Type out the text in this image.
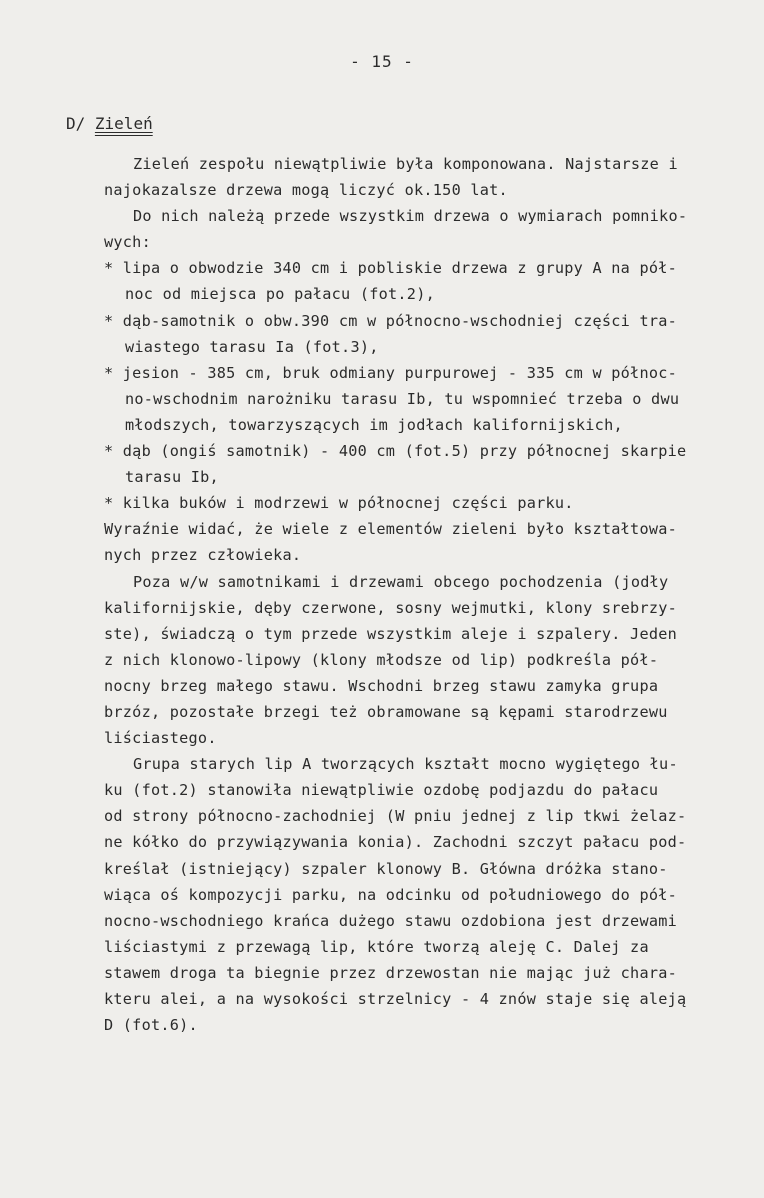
- 15 -
D/ Zieleń
Zieleń zespołu niewątpliwie była komponowana. Najstarsze i
najokazalsze drzewa mogą liczyć ok.150 lat.
Do nich należą przede wszystkim drzewa o wymiarach pomniko-
wych:
* lipa o obwodzie 340 cm i pobliskie drzewa z grupy A na pół-
noc od miejsca po pałacu (fot.2),
* dąb-samotnik o obw.390 cm w północno-wschodniej części tra-
wiastego tarasu Ia (fot.3),
* jesion - 385 cm, bruk odmiany purpurowej - 335 cm w północ-
no-wschodnim narożniku tarasu Ib, tu wspomnieć trzeba o dwu
młodszych, towarzyszących im jodłach kalifornijskich,
* dąb (ongiś samotnik) - 400 cm (fot.5) przy północnej skarpie
tarasu Ib,
* kilka buków i modrzewi w północnej części parku.
Wyraźnie widać, że wiele z elementów zieleni było kształtowa-
nych przez człowieka.
Poza w/w samotnikami i drzewami obcego pochodzenia (jodły
kalifornijskie, dęby czerwone, sosny wejmutki, klony srebrzy-
ste), świadczą o tym przede wszystkim aleje i szpalery. Jeden
z nich klonowo-lipowy (klony młodsze od lip) podkreśla pół-
nocny brzeg małego stawu. Wschodni brzeg stawu zamyka grupa
brzóz, pozostałe brzegi też obramowane są kępami starodrzewu
liściastego.
Grupa starych lip A tworzących kształt mocno wygiętego łu-
ku (fot.2) stanowiła niewątpliwie ozdobę podjazdu do pałacu
od strony północno-zachodniej (W pniu jednej z lip tkwi żelaz-
ne kółko do przywiązywania konia). Zachodni szczyt pałacu pod-
kreślał (istniejący) szpaler klonowy B. Główna dróżka stano-
wiąca oś kompozycji parku, na odcinku od południowego do pół-
nocno-wschodniego krańca dużego stawu ozdobiona jest drzewami
liściastymi z przewagą lip, które tworzą aleję C. Dalej za
stawem droga ta biegnie przez drzewostan nie mając już chara-
kteru alei, a na wysokości strzelnicy - 4 znów staje się aleją
D (fot.6).
